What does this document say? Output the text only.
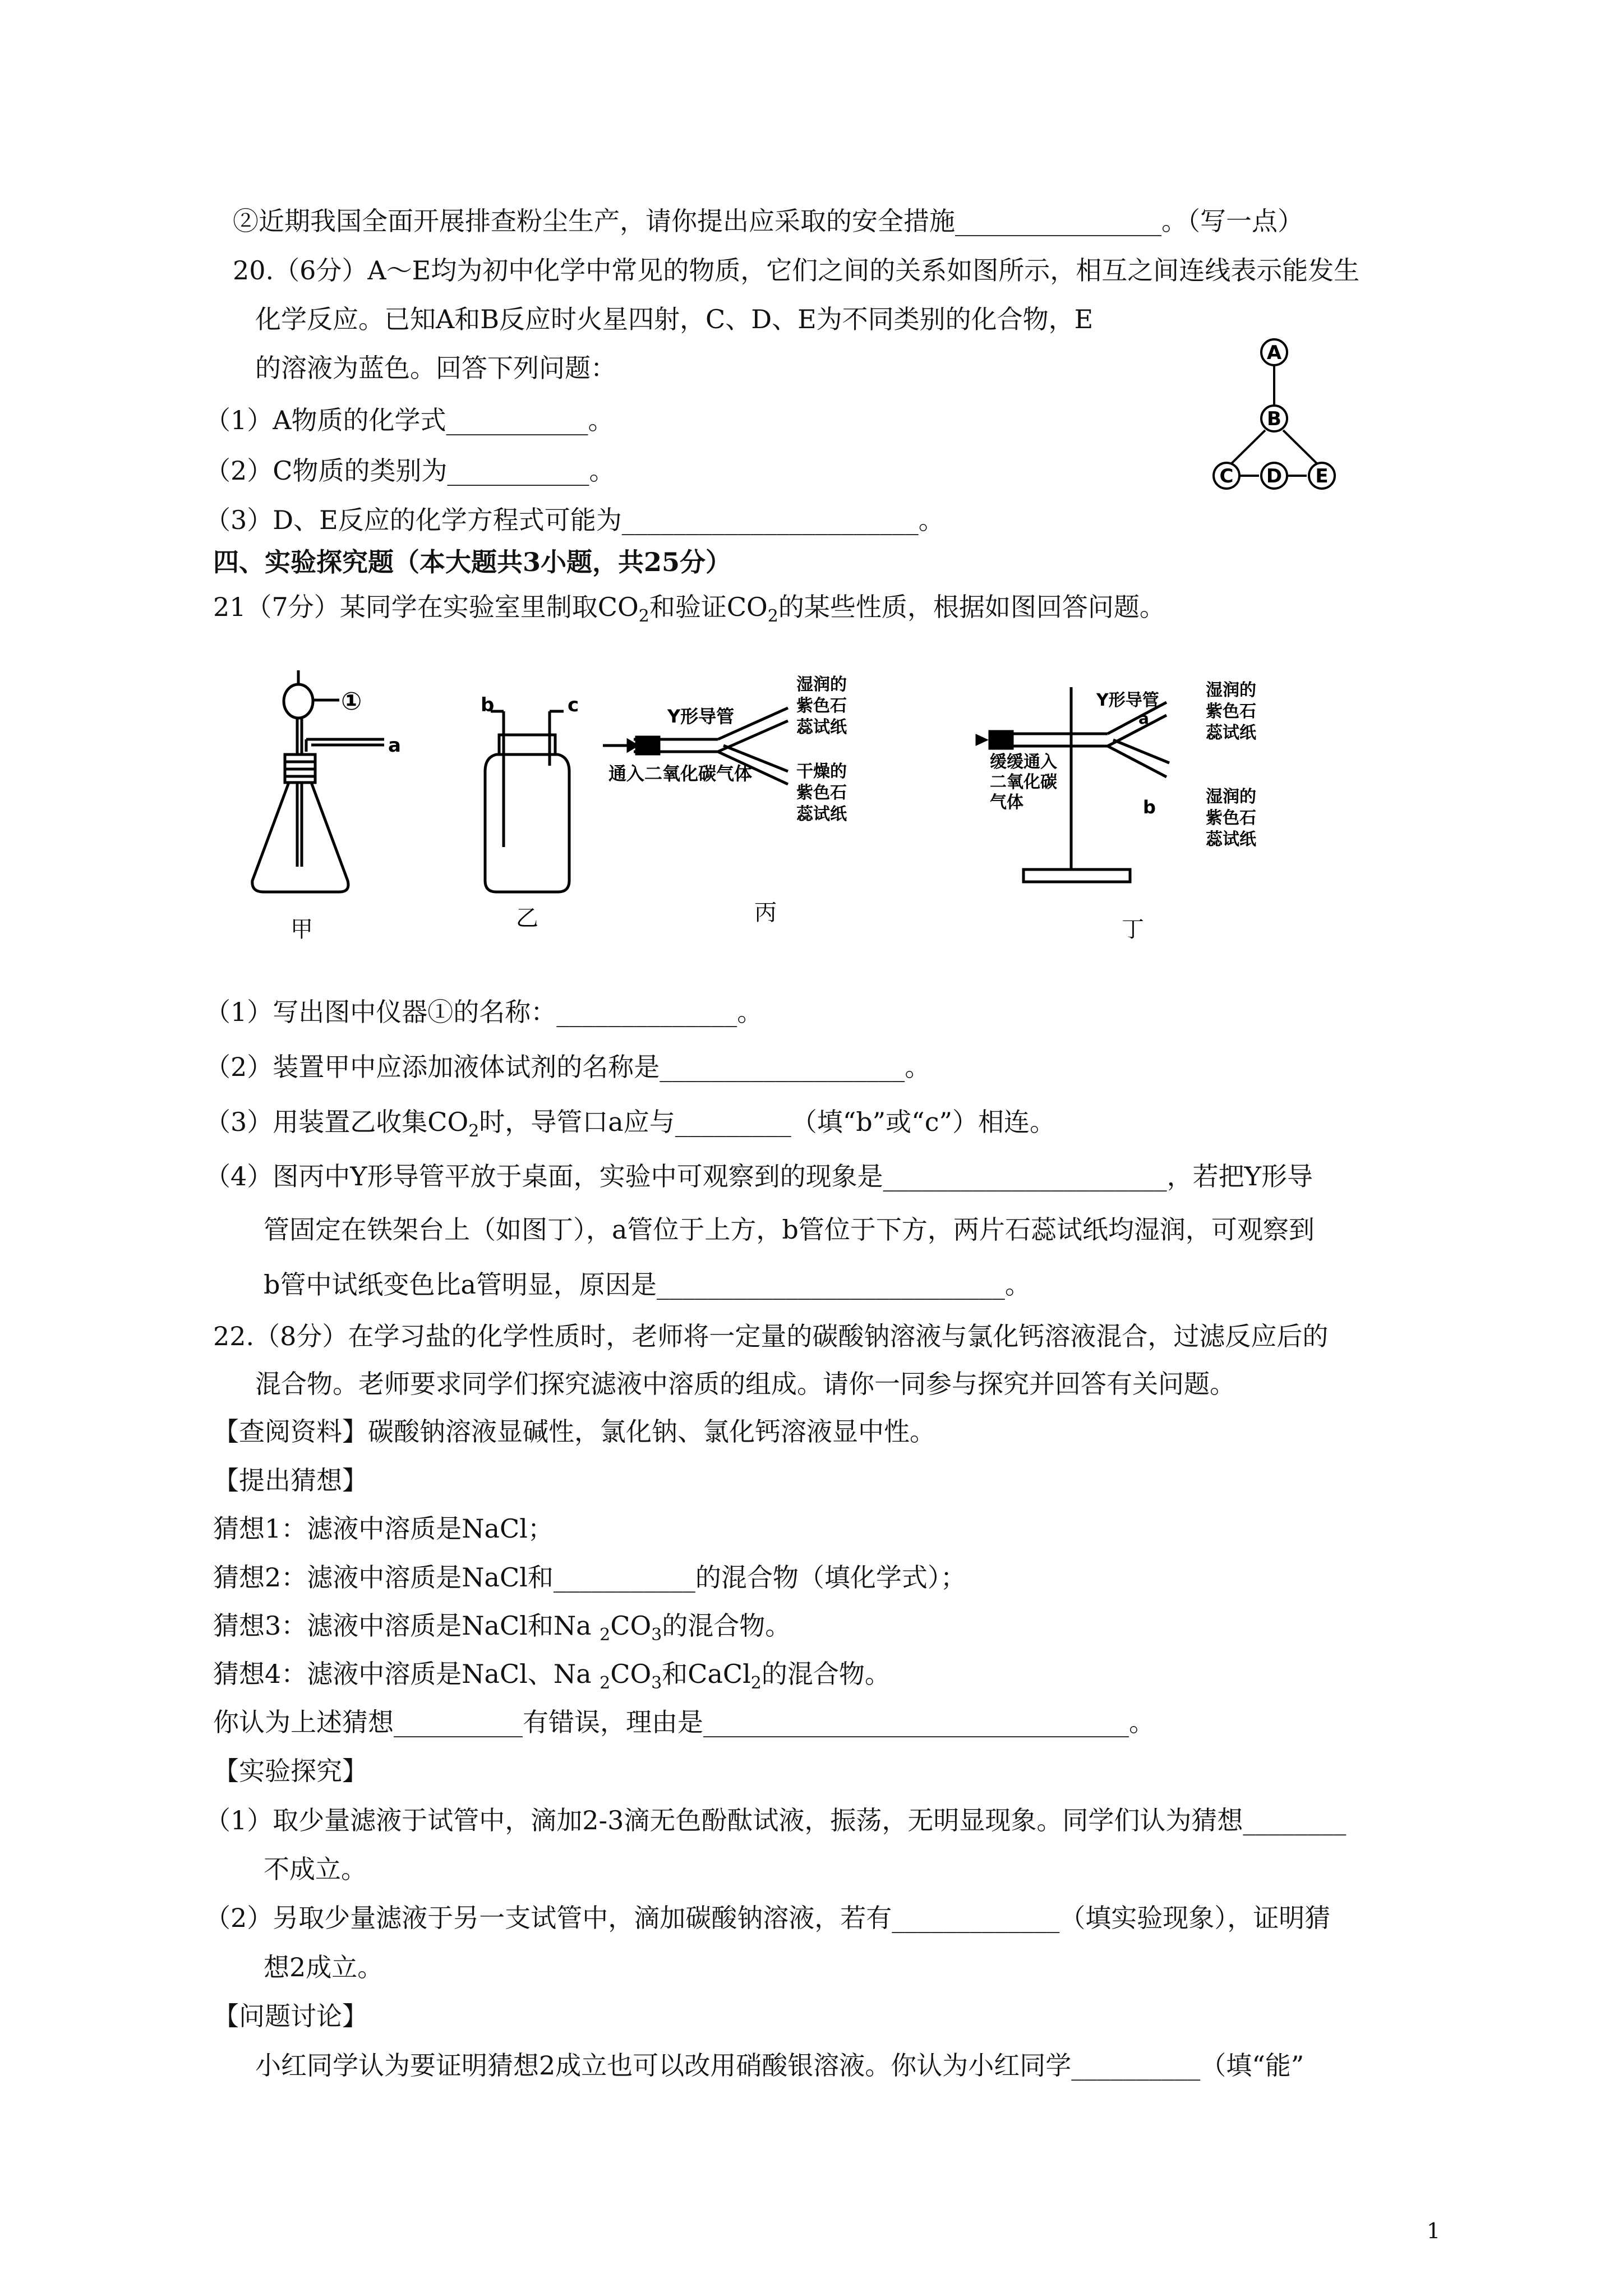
②近期我国全面开展排查粉尘生产，请你提出应采取的安全措施________________。（写一点）
20.（6分）A～E均为初中化学中常见的物质，它们之间的关系如图所示，相互之间连线表示能发生
化学反应。已知A和B反应时火星四射，C、D、E为不同类别的化合物，E
的溶液为蓝色。回答下列问题：
（1）A物质的化学式___________。
（2）C物质的类别为___________。
（3）D、E反应的化学方程式可能为_______________________。
四、实验探究题（本大题共3小题，共25分）
21（7分）某同学在实验室里制取$CO_2$和验证$CO_2$的某些性质，根据如图回答问题。
A
B
C D E
①
a
甲
b	c
乙
Y形导管
通入二氧化碳气体
湿润的
紫色石
蕊试纸
干燥的
紫色石
蕊试纸
丙
Y形导管
缓缓通入
二氧化碳
气体
a
b
湿润的
紫色石
蕊试纸
湿润的
紫色石
蕊试纸
丁
（1）写出图中仪器①的名称：______________。
（2）装置甲中应添加液体试剂的名称是___________________。
（3）用装置乙收集$CO_2$时，导管口a应与_________（填“b”或“c”）相连。
（4）图丙中Y形导管平放于桌面，实验中可观察到的现象是______________________，若把Y形导
管固定在铁架台上（如图丁），a管位于上方，b管位于下方，两片石蕊试纸均湿润，可观察到
b管中试纸变色比a管明显，原因是___________________________。
22.（8分）在学习盐的化学性质时，老师将一定量的碳酸钠溶液与氯化钙溶液混合，过滤反应后的
混合物。老师要求同学们探究滤液中溶质的组成。请你一同参与探究并回答有关问题。
【查阅资料】碳酸钠溶液显碱性，氯化钠、氯化钙溶液显中性。
【提出猜想】
猜想1：滤液中溶质是NaCl；
猜想2：滤液中溶质是NaCl和___________的混合物（填化学式）；
猜想3：滤液中溶质是NaCl和Na $_2CO_3$的混合物。
猜想4：滤液中溶质是NaCl、Na $_2CO_3$和CaCl$_2$的混合物。
你认为上述猜想__________有错误，理由是_________________________________。
【实验探究】
（1）取少量滤液于试管中，滴加2-3滴无色酚酞试液，振荡，无明显现象。同学们认为猜想________
不成立。
（2）另取少量滤液于另一支试管中，滴加碳酸钠溶液，若有_____________（填实验现象），证明猜
想2成立。
【问题讨论】
小红同学认为要证明猜想2成立也可以改用硝酸银溶液。你认为小红同学__________（填“能”
1
